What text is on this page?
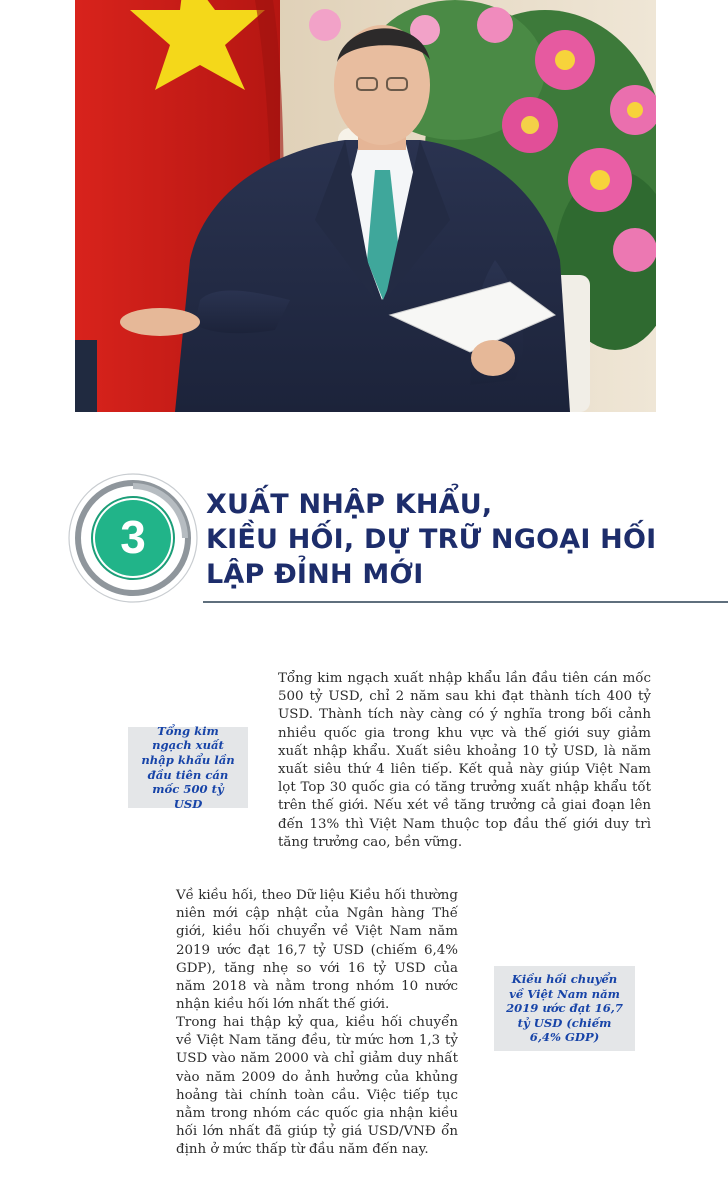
3
XUẤT NHẬP KHẨU,
KIỀU HỐI, DỰ TRỮ NGOẠI HỐI
LẬP ĐỈNH MỚI

Tổng kim ngạch xuất nhập khẩu lần đầu tiên cán mốc 500 tỷ USD, chỉ 2 năm sau khi đạt thành tích 400 tỷ USD. Thành tích này càng có ý nghĩa trong bối cảnh nhiều quốc gia trong khu vực và thế giới suy giảm xuất nhập khẩu. Xuất siêu khoảng 10 tỷ USD, là năm xuất siêu thứ 4 liên tiếp. Kết quả này giúp Việt Nam lọt Top 30 quốc gia có tăng trưởng xuất nhập khẩu tốt trên thế giới. Nếu xét về tăng trưởng cả giai đoạn lên đến 13% thì Việt Nam thuộc top đầu thế giới duy trì tăng trưởng cao, bền vững.

Tổng kim ngạch xuất nhập khẩu lần đầu tiên cán mốc 500 tỷ USD

Về kiều hối, theo Dữ liệu Kiều hối thường niên mới cập nhật của Ngân hàng Thế giới, kiều hối chuyển về Việt Nam năm 2019 ước đạt 16,7 tỷ USD (chiếm 6,4% GDP), tăng nhẹ so với 16 tỷ USD của năm 2018 và nằm trong nhóm 10 nước nhận kiều hối lớn nhất thế giới.

Kiều hối chuyển về Việt Nam năm 2019 ước đạt 16,7 tỷ USD (chiếm 6,4% GDP)

Trong hai thập kỷ qua, kiều hối chuyển về Việt Nam tăng đều, từ mức hơn 1,3 tỷ USD vào năm 2000 và chỉ giảm duy nhất vào năm 2009 do ảnh hưởng của khủng hoảng tài chính toàn cầu. Việc tiếp tục nằm trong nhóm các quốc gia nhận kiều hối lớn nhất đã giúp tỷ giá USD/VNĐ ổn định ở mức thấp từ đầu năm đến nay.
